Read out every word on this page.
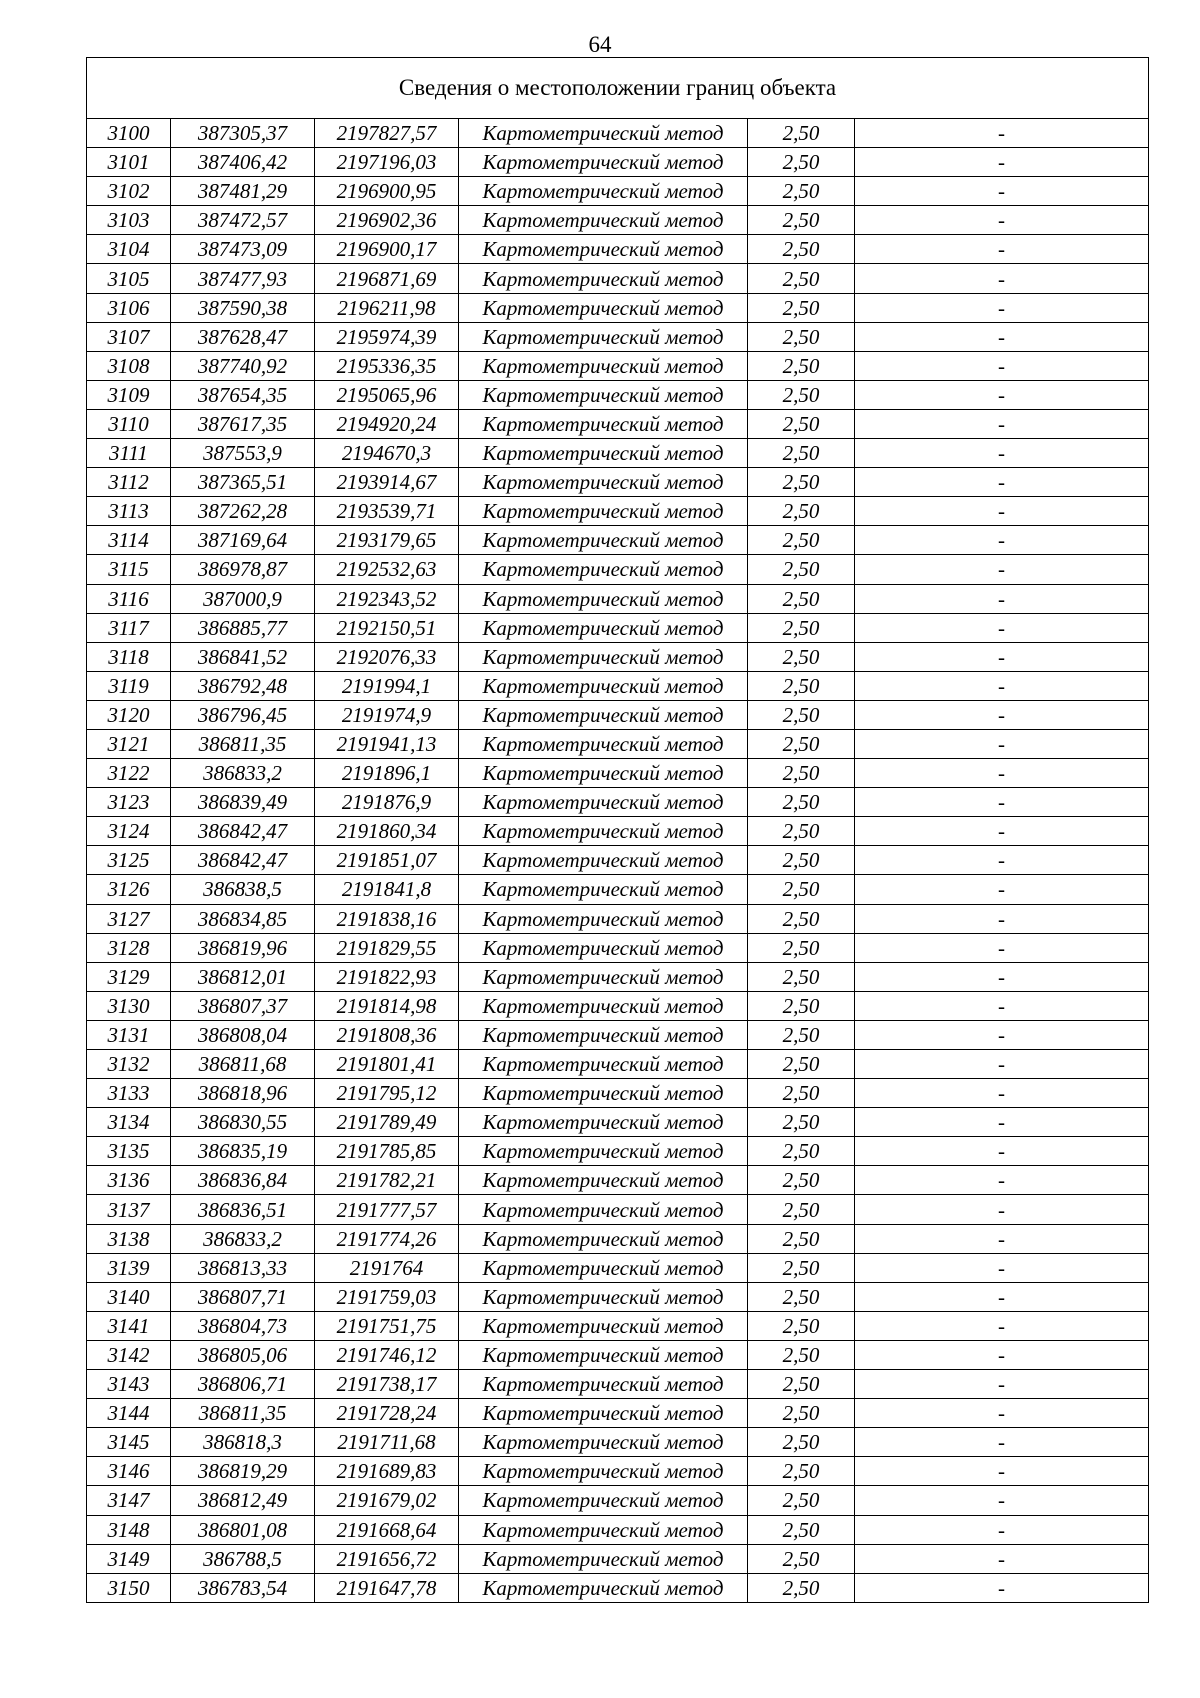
64
Сведения о местоположении границ объекта					
3100	387305,37	2197827,57	Картометрический метод	2,50	-
3101	387406,42	2197196,03	Картометрический метод	2,50	-
3102	387481,29	2196900,95	Картометрический метод	2,50	-
3103	387472,57	2196902,36	Картометрический метод	2,50	-
3104	387473,09	2196900,17	Картометрический метод	2,50	-
3105	387477,93	2196871,69	Картометрический метод	2,50	-
3106	387590,38	2196211,98	Картометрический метод	2,50	-
3107	387628,47	2195974,39	Картометрический метод	2,50	-
3108	387740,92	2195336,35	Картометрический метод	2,50	-
3109	387654,35	2195065,96	Картометрический метод	2,50	-
3110	387617,35	2194920,24	Картометрический метод	2,50	-
3111	387553,9	2194670,3	Картометрический метод	2,50	-
3112	387365,51	2193914,67	Картометрический метод	2,50	-
3113	387262,28	2193539,71	Картометрический метод	2,50	-
3114	387169,64	2193179,65	Картометрический метод	2,50	-
3115	386978,87	2192532,63	Картометрический метод	2,50	-
3116	387000,9	2192343,52	Картометрический метод	2,50	-
3117	386885,77	2192150,51	Картометрический метод	2,50	-
3118	386841,52	2192076,33	Картометрический метод	2,50	-
3119	386792,48	2191994,1	Картометрический метод	2,50	-
3120	386796,45	2191974,9	Картометрический метод	2,50	-
3121	386811,35	2191941,13	Картометрический метод	2,50	-
3122	386833,2	2191896,1	Картометрический метод	2,50	-
3123	386839,49	2191876,9	Картометрический метод	2,50	-
3124	386842,47	2191860,34	Картометрический метод	2,50	-
3125	386842,47	2191851,07	Картометрический метод	2,50	-
3126	386838,5	2191841,8	Картометрический метод	2,50	-
3127	386834,85	2191838,16	Картометрический метод	2,50	-
3128	386819,96	2191829,55	Картометрический метод	2,50	-
3129	386812,01	2191822,93	Картометрический метод	2,50	-
3130	386807,37	2191814,98	Картометрический метод	2,50	-
3131	386808,04	2191808,36	Картометрический метод	2,50	-
3132	386811,68	2191801,41	Картометрический метод	2,50	-
3133	386818,96	2191795,12	Картометрический метод	2,50	-
3134	386830,55	2191789,49	Картометрический метод	2,50	-
3135	386835,19	2191785,85	Картометрический метод	2,50	-
3136	386836,84	2191782,21	Картометрический метод	2,50	-
3137	386836,51	2191777,57	Картометрический метод	2,50	-
3138	386833,2	2191774,26	Картометрический метод	2,50	-
3139	386813,33	2191764	Картометрический метод	2,50	-
3140	386807,71	2191759,03	Картометрический метод	2,50	-
3141	386804,73	2191751,75	Картометрический метод	2,50	-
3142	386805,06	2191746,12	Картометрический метод	2,50	-
3143	386806,71	2191738,17	Картометрический метод	2,50	-
3144	386811,35	2191728,24	Картометрический метод	2,50	-
3145	386818,3	2191711,68	Картометрический метод	2,50	-
3146	386819,29	2191689,83	Картометрический метод	2,50	-
3147	386812,49	2191679,02	Картометрический метод	2,50	-
3148	386801,08	2191668,64	Картометрический метод	2,50	-
3149	386788,5	2191656,72	Картометрический метод	2,50	-
3150	386783,54	2191647,78	Картометрический метод	2,50	-
